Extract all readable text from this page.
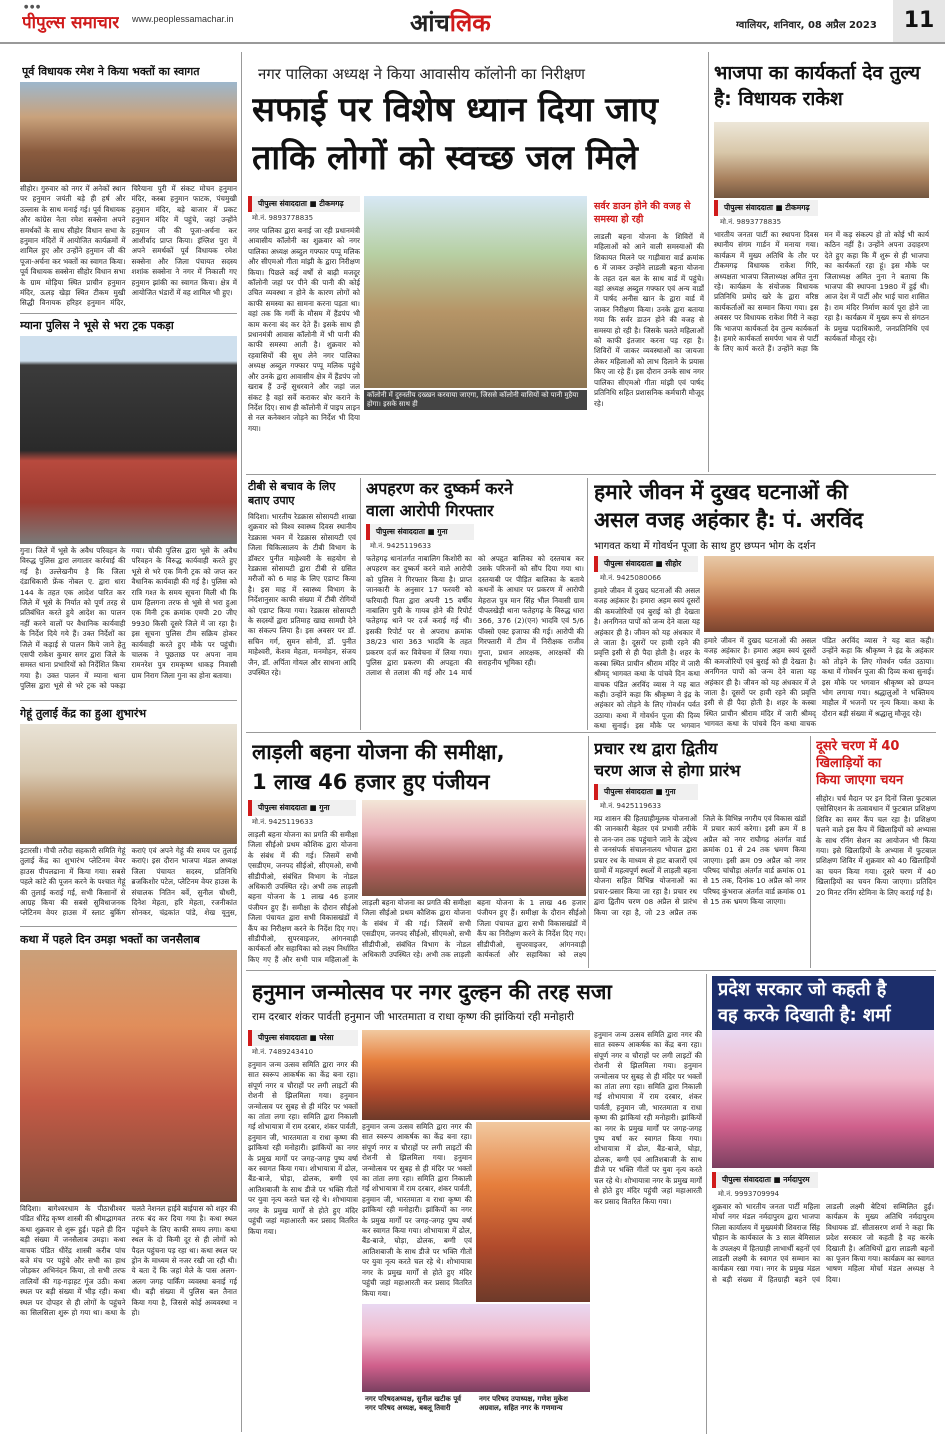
● ● ●
पीपुल्स समाचार www.peoplessamachar.in	आंचलिक	ग्वालियर, शनिवार, 08 अप्रैल 2023	11
पूर्व विधायक रमेश ने किया भक्तों का स्वागत
सीहोर। गुरुवार को नगर में अनेकों स्थान पर हनुमान जयंती बड़े ही हर्ष और उल्लास के साथ मनाई गई। पूर्व विधायक और कांग्रेस नेता रमेश सक्सेना अपने समर्थकों के साथ सीहोर विधान सभा के हनुमान मंदिरों में आयोजित कार्यक्रमों में शामिल हुए और उन्होंने हनुमान जी की पूजा-अर्चना कर भक्तों का स्वागत किया। पूर्व विधायक सक्सेना सीहोर विधान सभा के ग्राम मोड़िया स्थित प्राचीन हनुमान मंदिर, ऊलड़ खेड़ा स्थित टीकम मुखी सिद्धी विनायक हरिहर हनुमान मंदिर, चिरैयाना पुरी में संकट मोचन हनुमान मंदिर, कस्बा हनुमान फाटक, पंचमुखी हनुमान मंदिर, बड़े बाजार में प्रकट हनुमान मंदिर में पहुंचे, जहां उन्होंने हनुमान जी की पूजा-अर्चना कर आशीर्वाद प्राप्त किया। इंग्लिश पुरा में अपने समर्थकों पूर्व विधायक रमेश सक्सेना और जिला पंचायत सदस्य शशांक सक्सेना ने नगर में निकाली गए हनुमान झांकी का स्वागत किया। क्षेत्र में आयोजित भंडारों में वह शामिल भी हुए।
म्याना पुलिस ने भूसे से भरा ट्रक पकड़ा
गुना। जिले में भूसे के अवैध परिवहन के विरुद्ध पुलिस द्वारा लगातार कार्रवाई की गई है। उल्लेखनीय है कि जिला दंडाधिकारी फ्रेंक नोबल ए. द्वारा धारा 144 के तहत एक आदेश पारित कर जिले में भूसे के निर्यात को पूर्ण तरह से प्रतिबंधित करते हुये आदेश का पालन नहीं करने वालों पर वैधानिक कार्यवाही के निर्देश दिये गये हैं। उक्त निर्देशों का जिले में कड़ाई से पालन किये जाने हेतु एसपी राकेश कुमार सगर द्वारा जिले के समस्त थाना प्रभारियों को निर्देशित किया गया है। उक्त पालन में म्याना थाना पुलिस द्वारा भूसे से भरे ट्रक को पकड़ा गया। चौकी पुलिस द्वारा भूसे के अवैध परिवहन के विरुद्ध कार्यवाही करते हुए भूसे से भरे एक मिनी ट्रक को जप्त कर वैधानिक कार्यवाही की गई है। पुलिस को रात्रि गश्त के समय सूचना मिली थी कि ग्राम हिलगना तरफ से भूसे से भरा हुआ एक मिनी ट्रक क्रमांक एमपी 20 जीए 9930 किसी दूसरे जिले में जा रहा है। इस सूचना पुलिस टीम सक्रिय होकर कार्यवाही करते हुए मौके पर पहुंची। चालक ने पूछताछ पर अपना नाम रामनरेश पुत्र रामकृष्ण धाकड़ निवासी ग्राम निराग जिला गुना का होना बताया।
गेहूं तुलाई केंद्र का हुआ शुभारंभ
इटारसी। गौची तरौदा सहकारी समिति गेहूं तुलाई केंद्र का शुभारंभ प्लेटिनम वेयर हाउस पीपलढाना में किया गया। सबसे पहले कांटे की पूजन करने के पश्चात गेहूं की तुलाई कराई गई, सभी किसानों से आग्रह किया की सबसे सुविधाजनक प्लेटिनम वेयर हाउस में स्लाट बुकिंग कराएं एवं अपने गेहूं की समय पर तुलाई कराएं। इस दौरान भाजपा मंडल अध्यक्ष जिला पंचायत सदस्य, प्रतिनिधि ब्रजकिशोर पटेल, प्लेटिनम वेयर हाउस के संचालक नितिन बर्वे, सुनील चौधरी, दिनेश मेहता, हरि मेहता, रजनीकांत सोनकर, चंद्रकांत पांडे, शेख यूनुस,
कथा में पहले दिन उमड़ा भक्तों का जनसैलाब
विदिशा। बागेश्वरधाम के पीठाधीश्वर पंडित धीरेंद्र कृष्ण शास्त्री की श्रीमद्भागवत कथा शुक्रवार से शुरू हुई। पहले ही दिन बड़ी संख्या में जनसैलाब उमड़ा। कथा वाचक पंडित धीरेंद्र शास्त्री करीब पांच बजे मंच पर पहुंचे और सभी का हाथ जोड़कर अभिनंदन किया, तो सभी तरफ तालियों की गड़-गड़ाहट गूंज उठी। कथा स्थल पर बड़ी संख्या में भीड़ रही। कथा स्थल पर दोपहर से ही लोगों के पहुंचने का सिलसिला शुरू हो गया था। कथा के चलते नेशनल हाईवे बाईपास को शहर की तरफ बंद कर दिया गया है। कथा स्थल पहुंचने के लिए काफी समय लगा। कथा स्थल के दो किमी दूर से ही लोगों को पैदल पहुंचना पड़ रहा था। कथा स्थल पर ड्रोन के माध्यम से नजर रखी जा रही थी। ये बता दें कि जहां मेले के पास अलग-अलग जगह पार्किंग व्यवस्था बनाई गई थी। बड़ी संख्या में पुलिस बल तैनात किया गया है, जिससे कोई अव्यवस्था न हो।
नगर पालिका अध्यक्ष ने किया आवासीय कॉलोनी का निरीक्षण
सफाई पर विशेष ध्यान दिया जाए
ताकि लोगों को स्वच्छ जल मिले
पीपुल्स संवाददाता ■ टीकमगढ़
मो.नं. 9893778835
नगर पालिका द्वारा बनाई जा रही प्रधानमंत्री आवासीय कॉलोनी का शुक्रवार को नगर पालिका अध्यक्ष अब्दुल गफ्फार पप्पू मलिक और सीएमओ गीता मांझी के द्वारा निरीक्षण किया। पिछले कई वर्षों से बाढ़ी मजदूर कॉलोनी जहां पर पीने की पानी की कोई उचित व्यवस्था न होने के कारण लोगों को काफी समस्या का सामना करना पड़ता था। वहां तक कि गर्मी के मौसम में हैंडपंप भी काम करना बंद कर देते हैं। इसके साथ ही प्रधानमंत्री आवास कॉलोनी में भी पानी की काफी समस्या आती है। शुक्रवार को रहवासियों की सुध लेने नगर पालिका अध्यक्ष अब्दुल गफ्फार पप्पू मलिक पहुंचे और उनके द्वारा आवासीय क्षेत्र में हैंडपंप जो खराब हैं उन्हें सुधरवाने और जहां जल संकट है वहां सर्वे कराकर बोर कराने के निर्देश दिए। साथ ही कॉलोनी में पाइप लाइन से नल कनेक्शन जोड़ने का निर्देश भी दिया गया।
कॉलोनी में दुरुस्तीय दख्खन करवाया जाएगा, जिससे कॉलोनी वासियों को पानी मुहैया होगा। इसके साथ ही
सर्वर डाउन होने की वजह से समस्या हो रही
लाडली बहना योजना के शिविरों में महिलाओं को आने वाली समस्याओं की शिकायत मिलने पर गाड़ीवारा वार्ड क्रमांक 6 में जाकर उन्होंने लाडली बहना योजना के तहत दल बल के साथ वार्ड में पहुंचे। वहां अध्यक्ष अब्दुल गफ्फार एवं अन्य वार्डों में पार्षद अनीस खान के द्वारा वार्ड में जाकर निरीक्षण किया। उनके द्वारा बताया गया कि सर्वर डाउन होने की वजह से समस्या हो रही है। जिसके चलते महिलाओं को काफी इंतजार करना पड़ रहा है। शिविरों में जाकर व्यवस्थाओं का जायजा लेकर महिलाओं को लाभ दिलाने के प्रयास किए जा रहे हैं। इस दौरान उनके साथ नगर पालिका सीएमओ गीता मांझी एवं पार्षद प्रतिनिधि सहित प्रशासनिक कर्मचारी मौजूद रहे।
भाजपा का कार्यकर्ता देव तुल्य है: विधायक राकेश
पीपुल्स संवाददाता ■ टीकमगढ़
मो.नं. 9893778835
भारतीय जनता पार्टी का स्थापना दिवस स्थानीय संगम गार्डन में मनाया गया। कार्यक्रम में मुख्य अतिथि के तौर पर टीकमगढ़ विधायक राकेश गिरि, अध्यक्षता भाजपा जिलाध्यक्ष अमित नुना रहे। कार्यक्रम के संयोजक विधायक प्रतिनिधि प्रमोद खरे के द्वारा वरिष्ठ कार्यकर्ताओं का सम्मान किया गया। इस अवसर पर विधायक राकेश गिरी ने कहा कि भाजपा कार्यकर्ता देव तुल्य कार्यकर्ता है। हमारे कार्यकर्ता समर्पण भाव से पार्टी के लिए कार्य करते हैं। उन्होंने कहा कि मन में कड़ संकल्प हो तो कोई भी कार्य कठिन नहीं है। उन्होंने अपना उदाहरण देते हुए कहा कि मैं शुरू से ही भाजपा का कार्यकर्ता रहा हूं। इस मौके पर जिलाध्यक्ष अमित नुना ने बताया कि भाजपा की स्थापना 1980 में हुई थी। आज देश में पार्टी और भाई चारा शासित है। राम मंदिर निर्माण कार्य पूरा होने जा रहा है। कार्यक्रम में मुख्य रूप से संगठन के प्रमुख पदाधिकारी, जनप्रतिनिधि एवं कार्यकर्ता मौजूद रहे।
टीबी से बचाव के लिए बताए उपाए
विदिशा। भारतीय रेडक्रास सोसायटी शाखा शुक्रवार को विश्व स्वास्थ्य दिवस स्थानीय रेडक्रास भवन में रेडक्रास सोसायटी एवं जिला चिकित्सालय के टीबी विभाग के डॉक्टर पुनीत माहेश्वरी के सहयोग से रेडक्रास सोसायटी द्वारा टीबी से ग्रसित मरीजों को 6 माह के लिए एडाप्ट किया है। इस माह में स्वास्थ्य विभाग के निर्देशानुसार काफी संख्या में टीबी रोगियों को एडाप्ट किया गया। रेडक्रास सोसायटी के सदस्यों द्वारा प्रतिमाह खाद्य सामग्री देने का संकल्प लिया है। इस अवसर पर डॉ. सचिन गर्ग, सुमन सोनी, डॉ. पुनीत माहेश्वरी, केशव मेहता, मनमोहन, संजय जैन, डॉ. अर्पिता गोयल और साधना आदि उपस्थित रहे।
अपहरण कर दुष्कर्म करने
वाला आरोपी गिरफ्तार
पीपुल्स संवाददाता ■ गुना
मो.नं. 9425119633
फतेहगढ़ थानांतर्गत नाबालिग किशोरी का अपहरण कर दुष्कर्म करने वाले आरोपी को पुलिस ने गिरफ्तार किया है। प्राप्त जानकारी के अनुसार 17 फरवरी को फरियादी पिता द्वारा अपनी 15 वर्षीय नाबालिग पुत्री के गायब होने की रिपोर्ट फतेहगढ़ थाने पर दर्ज कराई गई थी। इसकी रिपोर्ट पर से अपराध क्रमांक 38/23 धारा 363 भादवि के तहत प्रकरण दर्ज कर विवेचना में लिया गया। पुलिस द्वारा प्रकरण की अपहृता की तलाश से तलाश की गई और 14 मार्च को अपहृत बालिका को दस्तयाब कर उसके परिजनों को सौंप दिया गया था। दस्तयाबी पर पीड़ित बालिका के बताये कथनों के आधार पर प्रकरण में आरोपी मेहराज पुत्र मान सिंह भील निवासी ग्राम पीपलखेड़ी थाना फतेहगढ़ के विरुद्ध धारा 366, 376 (2)(एन) भादवि एवं 5/6 पॉक्सो एक्ट इजाफा की गई। आरोपी की गिरफ्तारी में टीम में निरीक्षक राजीव गुप्ता, प्रधान आरक्षक, आरक्षकों की सराहनीय भूमिका रही।
हमारे जीवन में दुखद घटनाओं की
असल वजह अहंकार है: पं. अरविंद
भागवत कथा में गोवर्धन पूजा के साथ हुए छप्पन भोग के दर्शन
पीपुल्स संवाददाता ■ सीहोर
मो.नं. 9425080066
हमारे जीवन में दुखद घटनाओं की असल वजह अहंकार है। हमारा अहम स्वयं दूसरों की कमजोरियों एवं बुराई को ही देखता है। अनगिनत पापों को जन्म देने वाला यह अहंकार ही है। जीवन को यह अंधकार में ले जाता है। दूसरों पर हावी रहने की प्रवृत्ति इसी से ही पैदा होती है। शहर के कस्बा स्थित प्राचीन श्रीराम मंदिर में जारी श्रीमद् भागवत कथा के पांचवे दिन कथा वाचक पंडित अरविंद व्यास ने यह बात कही। उन्होंने कहा कि श्रीकृष्ण ने इंद्र के अहंकार को तोड़ने के लिए गोवर्धन पर्वत उठाया। कथा में गोवर्धन पूजा की दिव्य कथा सुनाई। इस मौके पर भगवान
हमारे जीवन में दुखद घटनाओं की असल वजह अहंकार है। हमारा अहम स्वयं दूसरों की कमजोरियों एवं बुराई को ही देखता है। अनगिनत पापों को जन्म देने वाला यह अहंकार ही है। जीवन को यह अंधकार में ले जाता है। दूसरों पर हावी रहने की प्रवृत्ति इसी से ही पैदा होती है। शहर के कस्बा स्थित प्राचीन श्रीराम मंदिर में जारी श्रीमद् भागवत कथा के पांचवे दिन कथा वाचक पंडित अरविंद व्यास ने यह बात कही। उन्होंने कहा कि श्रीकृष्ण ने इंद्र के अहंकार को तोड़ने के लिए गोवर्धन पर्वत उठाया। कथा में गोवर्धन पूजा की दिव्य कथा सुनाई। इस मौके पर भगवान श्रीकृष्ण को छप्पन भोग लगाया गया। श्रद्धालुओं ने भक्तिमय माहौल में भजनों पर नृत्य किया। कथा के दौरान बड़ी संख्या में श्रद्धालु मौजूद रहे।
लाड़ली बहना योजना की समीक्षा,
1 लाख 46 हजार हुए पंजीयन
पीपुल्स संवाददाता ■ गुना
मो.नं. 9425119633
लाड़ली बहना योजना का प्रगति की समीक्षा जिला सीईओ प्रथम कौशिक द्वारा योजना के संबंध में की गई। जिसमें सभी एसडीएम, जनपद सीईओ, सीएमओ, सभी सीडीपीओ, संबंधित विभाग के नोडल अधिकारी उपस्थित रहे। अभी तक लाड़ली बहना योजना के 1 लाख 46 हजार पंजीयन हुए हैं। समीक्षा के दौरान सीईओ जिला पंचायत द्वारा सभी विकासखंडों में कैंप का निरीक्षण करने के निर्देश दिए गए। सीडीपीओ, सुपरवाइजर, आंगनवाड़ी कार्यकर्ता और सहायिका को लक्ष्य निर्धारित किए गए हैं और सभी पात्र महिलाओं के
लाड़ली बहना योजना का प्रगति की समीक्षा जिला सीईओ प्रथम कौशिक द्वारा योजना के संबंध में की गई। जिसमें सभी एसडीएम, जनपद सीईओ, सीएमओ, सभी सीडीपीओ, संबंधित विभाग के नोडल अधिकारी उपस्थित रहे। अभी तक लाड़ली बहना योजना के 1 लाख 46 हजार पंजीयन हुए हैं। समीक्षा के दौरान सीईओ जिला पंचायत द्वारा सभी विकासखंडों में कैंप का निरीक्षण करने के निर्देश दिए गए। सीडीपीओ, सुपरवाइजर, आंगनवाड़ी कार्यकर्ता और सहायिका को लक्ष्य
प्रचार रथ द्वारा द्वितीय
चरण आज से होगा प्रारंभ
पीपुल्स संवाददाता ■ गुना
मो.नं. 9425119633
मप्र शासन की हितग्राहीमूलक योजनाओं की जानकारी बेहतर एवं प्रभावी तरीके से जन-जन तक पहुंचाने जाने के उद्देश्य से जनसंपर्क संचालनालय भोपाल द्वारा प्रचार रथ के माध्यम से हाट बाजारों एवं ग्रामों में महत्वपूर्ण स्थलों में लाड़ली बहना योजना सहित विभिन्न योजनाओं का प्रचार-प्रसार किया जा रहा है। प्रचार रथ द्वारा द्वितीय चरण 08 अप्रैल से प्रारंभ किया जा रहा है, जो 23 अप्रैल तक जिले के विभिन्न नगरीय एवं विकास खंडों में प्रचार कार्य करेगा। इसी क्रम में 8 अप्रैल को नगर राघौगढ़ अंतर्गत वार्ड क्रमांक 01 से 24 तक भ्रमण किया जाएगा। इसी क्रम 09 अप्रैल को नगर परिषद चांचौड़ा अंतर्गत वार्ड क्रमांक 01 से 15 तक, दिनांक 10 अप्रैल को नगर परिषद कुंभराज अंतर्गत वार्ड क्रमांक 01 से 15 तक भ्रमण किया जाएगा।
दूसरे चरण में 40
खिलाड़ियों का
किया जाएगा चयन
सीहोर। चर्च मैदान पर इन दिनों जिला फुटबाल एसोसिएशन के तत्वावधान में फुटबाल प्रशिक्षण शिविर का समर कैंप चल रहा है। प्रशिक्षण चलने वाले इस कैंप में खिलाड़ियों को अभ्यास के साथ रनिंग सेशन का आयोजन भी किया गया। इसे खिलाड़ियों के अभ्यास में फुटबाल प्रशिक्षण शिविर में शुक्रवार को 40 खिलाड़ियों का चयन किया गया। दूसरे चरण में 40 खिलाड़ियों का चयन किया जाएगा। प्रतिदिन 20 मिनट रनिंग स्टेमिना के लिए कराई गई है।
हनुमान जन्मोत्सव पर नगर दुल्हन की तरह सजा
राम दरबार शंकर पार्वती हनुमान जी भारतमाता व राधा कृष्ण की झांकियां रही मनोहारी
पीपुल्स संवाददाता ■ परेसा
मो.नं. 7489243410
हनुमान जन्म उत्सव समिति द्वारा नगर की सात स्वरूप आकर्षक का केंद्र बना रहा। संपूर्ण नगर व चौराहों पर लगी लाइटों की रोशनी से झिलमिला गया। हनुमान जन्मोत्सव पर सुबह से ही मंदिर पर भक्तों का तांता लगा रहा। समिति द्वारा निकाली गई शोभायात्रा में राम दरबार, शंकर पार्वती, हनुमान जी, भारतमाता व राधा कृष्ण की झांकियां रही मनोहारी। झांकियों का नगर के प्रमुख मार्गों पर जगह-जगह पुष्प वर्षा कर स्वागत किया गया। शोभायात्रा में ढोल, बैंड-बाजे, घोड़ा, ढोलक, बग्गी एवं आतिशबाजी के साथ डीजे पर भक्ति गीतों पर युवा नृत्य करते चल रहे थे। शोभायात्रा नगर के प्रमुख मार्गों से होते हुए मंदिर पहुंची जहां महाआरती कर प्रसाद वितरित किया गया।
हनुमान जन्म उत्सव समिति द्वारा नगर की सात स्वरूप आकर्षक का केंद्र बना रहा। संपूर्ण नगर व चौराहों पर लगी लाइटों की रोशनी से झिलमिला गया। हनुमान जन्मोत्सव पर सुबह से ही मंदिर पर भक्तों का तांता लगा रहा। समिति द्वारा निकाली गई शोभायात्रा में राम दरबार, शंकर पार्वती, हनुमान जी, भारतमाता व राधा कृष्ण की झांकियां रही मनोहारी। झांकियों का नगर के प्रमुख मार्गों पर जगह-जगह पुष्प वर्षा कर स्वागत किया गया। शोभायात्रा में ढोल, बैंड-बाजे, घोड़ा, ढोलक, बग्गी एवं आतिशबाजी के साथ डीजे पर भक्ति गीतों पर युवा नृत्य करते चल रहे थे। शोभायात्रा नगर के प्रमुख मार्गों से होते हुए मंदिर पहुंची जहां महाआरती कर प्रसाद वितरित किया गया।
नगर परिषदअध्यक्ष, सुनील खटीक पूर्व नगर परिषद अध्यक्ष, बबलू तिवारी
नगर परिषद उपाध्यक्ष, गणेश मुकेश अग्रवाल, सहित नगर के गणमान्य
हनुमान जन्म उत्सव समिति द्वारा नगर की सात स्वरूप आकर्षक का केंद्र बना रहा। संपूर्ण नगर व चौराहों पर लगी लाइटों की रोशनी से झिलमिला गया। हनुमान जन्मोत्सव पर सुबह से ही मंदिर पर भक्तों का तांता लगा रहा। समिति द्वारा निकाली गई शोभायात्रा में राम दरबार, शंकर पार्वती, हनुमान जी, भारतमाता व राधा कृष्ण की झांकियां रही मनोहारी। झांकियों का नगर के प्रमुख मार्गों पर जगह-जगह पुष्प वर्षा कर स्वागत किया गया। शोभायात्रा में ढोल, बैंड-बाजे, घोड़ा, ढोलक, बग्गी एवं आतिशबाजी के साथ डीजे पर भक्ति गीतों पर युवा नृत्य करते चल रहे थे। शोभायात्रा नगर के प्रमुख मार्गों से होते हुए मंदिर पहुंची जहां महाआरती कर प्रसाद वितरित किया गया।
प्रदेश सरकार जो कहती है
वह करके दिखाती है: शर्मा
पीपुल्स संवाददाता ■ नर्मदापुरम
मो.नं. 9993709994
शुक्रवार को भारतीय जनता पार्टी महिला मोर्चा नगर मंडल नर्मदापुरम द्वारा भाजपा जिला कार्यालय में मुख्यमंत्री शिवराज सिंह चौहान के कार्यकाल के 3 साल बेमिसाल के उपलक्ष्य में हितग्राही लाभार्थी बहनों एवं लाडली लक्ष्मी के स्वागत एवं सम्मान का कार्यक्रम रखा गया। नगर के प्रमुख मंडल से बड़ी संख्या में हितग्राही बहने एवं लाडली लक्ष्मी बेटियां सम्मिलित हुईं। कार्यक्रम के मुख्य अतिथि नर्मदापुरम विधायक डॉ. सीतासरण शर्मा ने कहा कि प्रदेश सरकार जो कहती है वह करके दिखाती है। अतिथियों द्वारा लाडली बहनों का पूजन किया गया। कार्यक्रम का स्वागत भाषण महिला मोर्चा मंडल अध्यक्ष ने दिया।
